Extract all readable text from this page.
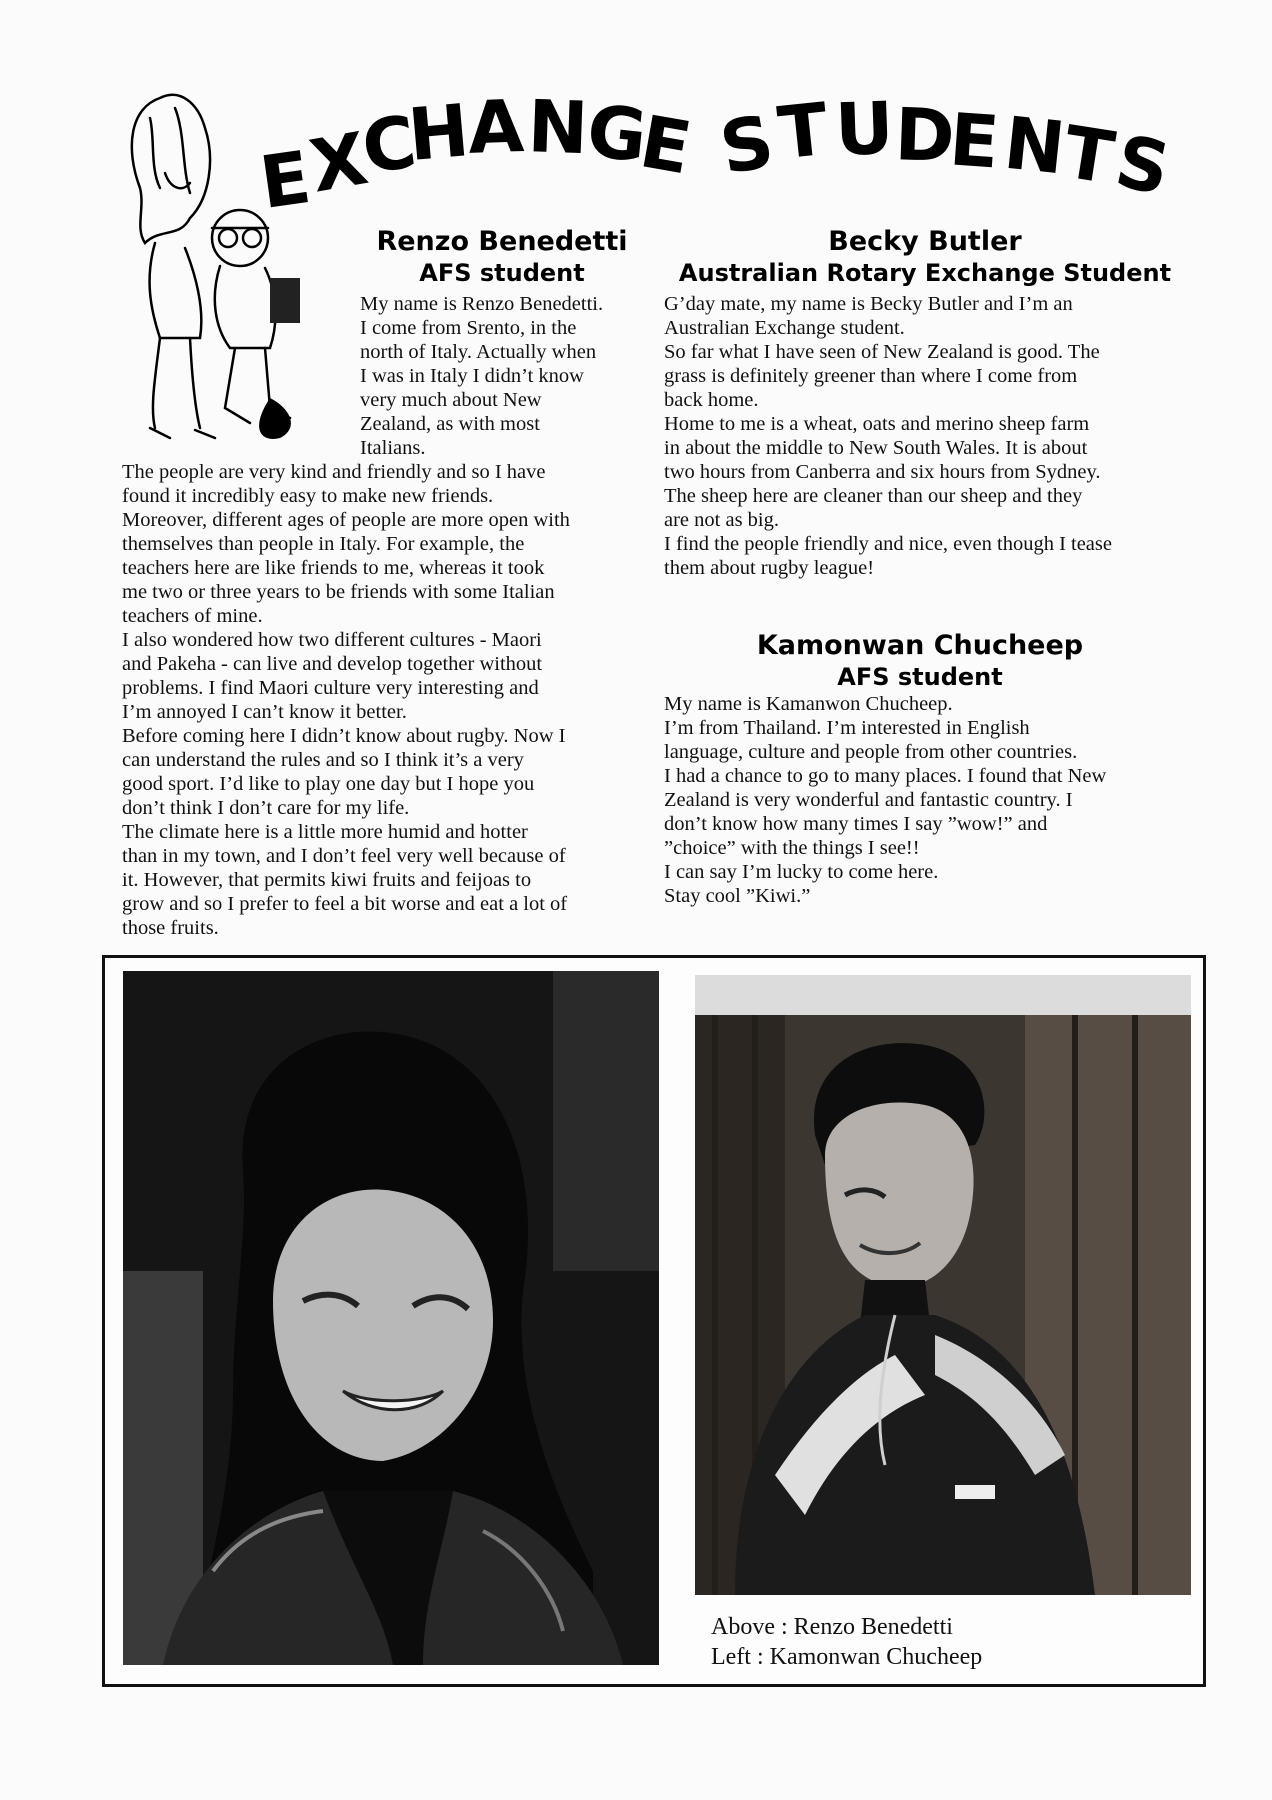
E
X
C
H
A N
G
E S
T U
D
E
N
T
S

Renzo Benedetti

AFS student

My name is Renzo Benedetti.

I come from Srento, in the

north of Italy. Actually when

I was in Italy I didn’t know

very much about New

Zealand, as with most

Italians.

The people are very kind and friendly and so I have

found it incredibly easy to make new friends.

Moreover, different ages of people are more open with

themselves than people in Italy. For example, the

teachers here are like friends to me, whereas it took

me two or three years to be friends with some Italian

teachers of mine.

I also wondered how two different cultures - Maori

and Pakeha - can live and develop together without

problems. I find Maori culture very interesting and

I’m annoyed I can’t know it better.

Before coming here I didn’t know about rugby. Now I

can understand the rules and so I think it’s a very

good sport. I’d like to play one day but I hope you

don’t think I don’t care for my life.

The climate here is a little more humid and hotter

than in my town, and I don’t feel very well because of

it. However, that permits kiwi fruits and feijoas to

grow and so I prefer to feel a bit worse and eat a lot of

those fruits.

Becky Butler

Australian Rotary Exchange Student

G’day mate, my name is Becky Butler and I’m an

Australian Exchange student.

So far what I have seen of New Zealand is good. The

grass is definitely greener than where I come from

back home.

Home to me is a wheat, oats and merino sheep farm

in about the middle to New South Wales. It is about

two hours from Canberra and six hours from Sydney.

The sheep here are cleaner than our sheep and they

are not as big.

I find the people friendly and nice, even though I tease

them about rugby league!

Kamonwan Chucheep

AFS student

My name is Kamanwon Chucheep.

I’m from Thailand. I’m interested in English

language, culture and people from other countries.

I had a chance to go to many places. I found that New

Zealand is very wonderful and fantastic country. I

don’t know how many times I say ”wow!” and

”choice” with the things I see!!

I can say I’m lucky to come here.

Stay cool ”Kiwi.”

Above : Renzo Benedetti
Left : Kamonwan Chucheep
